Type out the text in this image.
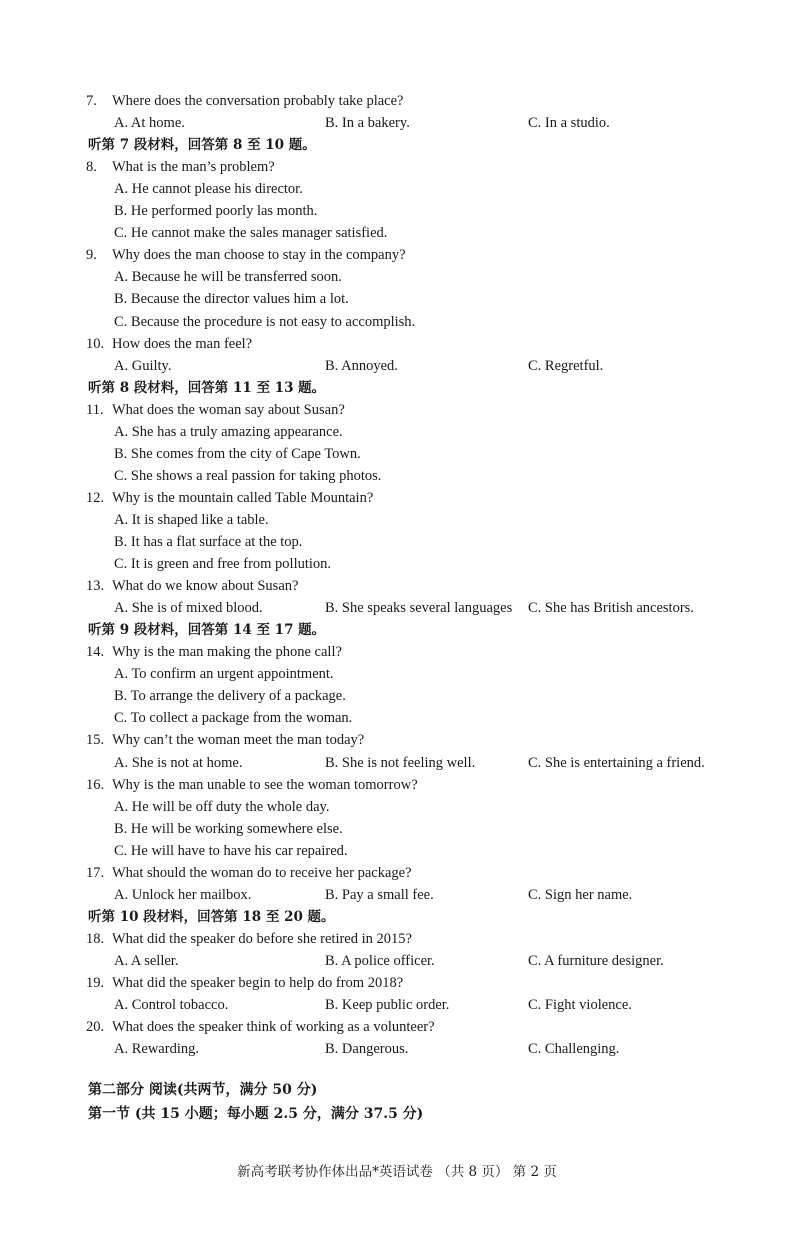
7. Where does the conversation probably take place?
A. At home.	B. In a bakery.	C. In a studio.
听第 7 段材料，回答第 8 至 10 题。
8. What is the man’s problem?
A. He cannot please his director.
B. He performed poorly las month.
C. He cannot make the sales manager satisfied.
9. Why does the man choose to stay in the company?
A. Because he will be transferred soon.
B. Because the director values him a lot.
C. Because the procedure is not easy to accomplish.
10. How does the man feel?
A. Guilty.	B. Annoyed.	C. Regretful.
听第 8 段材料，回答第 11 至 13 题。
11. What does the woman say about Susan?
A. She has a truly amazing appearance.
B. She comes from the city of Cape Town.
C. She shows a real passion for taking photos.
12. Why is the mountain called Table Mountain?
A. It is shaped like a table.
B. It has a flat surface at the top.
C. It is green and free from pollution.
13. What do we know about Susan?
A. She is of mixed blood.	B. She speaks several languages C. She has British ancestors.
听第 9 段材料，回答第 14 至 17 题。
14. Why is the man making the phone call?
A. To confirm an urgent appointment.
B. To arrange the delivery of a package.
C. To collect a package from the woman.
15. Why can’t the woman meet the man today?
A. She is not at home.	B. She is not feeling well.	C. She is entertaining a friend.
16. Why is the man unable to see the woman tomorrow?
A. He will be off duty the whole day.
B. He will be working somewhere else.
C. He will have to have his car repaired.
17. What should the woman do to receive her package?
A. Unlock her mailbox.	B. Pay a small fee.	C. Sign her name.
听第 10 段材料，回答第 18 至 20 题。
18. What did the speaker do before she retired in 2015?
A. A seller.	B. A police officer.	C. A furniture designer.
19. What did the speaker begin to help do from 2018?
A. Control tobacco.	B. Keep public order.	C. Fight violence.
20. What does the speaker think of working as a volunteer?
A. Rewarding.	B. Dangerous.	C. Challenging.
第二部分 阅读(共两节，满分 50 分)
第一节 (共 15 小题；每小题 2.5 分，满分 37.5 分)
新高考联考协作体出品*英语试卷 （共 8 页） 第 2 页
